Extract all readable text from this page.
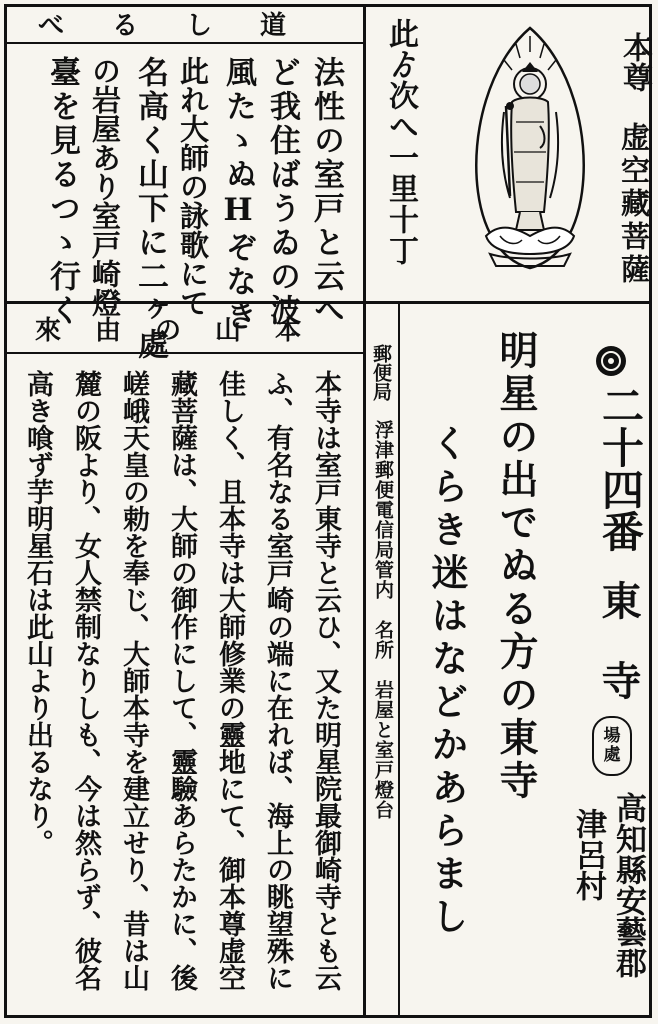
道しるべ
法性の室戸と云へ
ど我住ばうゐの波
風たゝぬHぞなき
此れ大師の詠歌にて
名高く山下に二ヶ處
の岩屋あり室戸崎燈
臺を見るつゝ行く	此ゟ次へ一里十丁	本尊
虚空藏菩薩
本山の由來
本寺は室戸東寺と云ひ、又た明星院最御崎寺とも云
ふ、有名なる室戸崎の端に在れば、海上の眺望殊に
佳しく、且本寺は大師修業の靈地にて、御本尊虚空
藏菩薩は、大師の御作にして、靈驗あらたかに、後
嵯峨天皇の勅を奉じ、大師本寺を建立せり、昔は山
麓の阪より、女人禁制なりしも、今は然らず、彼名
高き喰ず芋明星石は此山より出るなり。	郵便局
浮津郵便電信局管内　名所　岩屋と室戸燈台	明星の出でぬる方の東寺
くらき迷はなどかあらまし	二十四番
東　寺
場
處
高知縣安藝郡
津呂村
